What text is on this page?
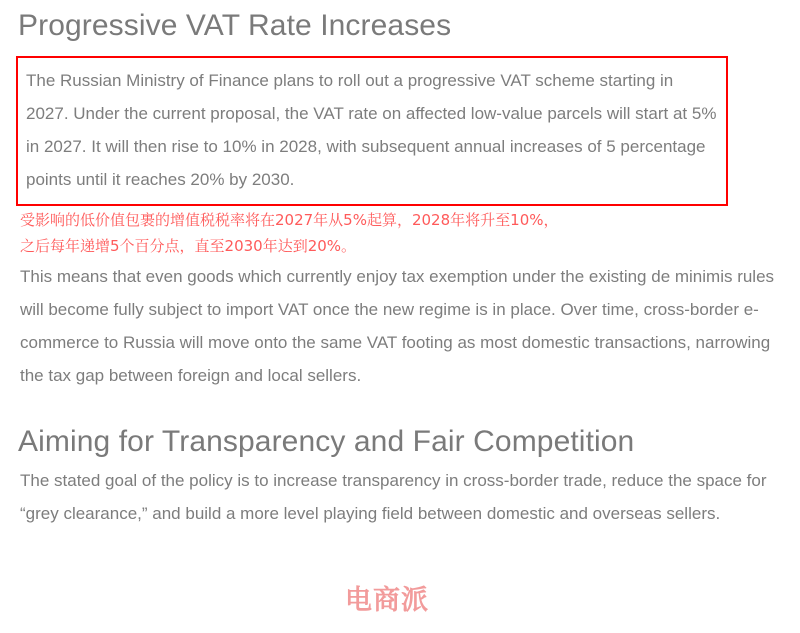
Progressive VAT Rate Increases

The Russian Ministry of Finance plans to roll out a progressive VAT scheme starting in 2027. Under the current proposal, the VAT rate on affected low-value parcels will start at 5% in 2027. It will then rise to 10% in 2028, with subsequent annual increases of 5 percentage points until it reaches 20% by 2030.

受影响的低价值包裹的增值税税率将在2027年从5%起算，2028年将升至10%，

之后每年递增5个百分点，直至2030年达到20%。

This means that even goods which currently enjoy tax exemption under the existing de minimis rules will become fully subject to import VAT once the new regime is in place. Over time, cross-border e-commerce to Russia will move onto the same VAT footing as most domestic transactions, narrowing the tax gap between foreign and local sellers.

Aiming for Transparency and Fair Competition

The stated goal of the policy is to increase transparency in cross-border trade, reduce the space for “grey clearance,” and build a more level playing field between domestic and overseas sellers.

电商派
